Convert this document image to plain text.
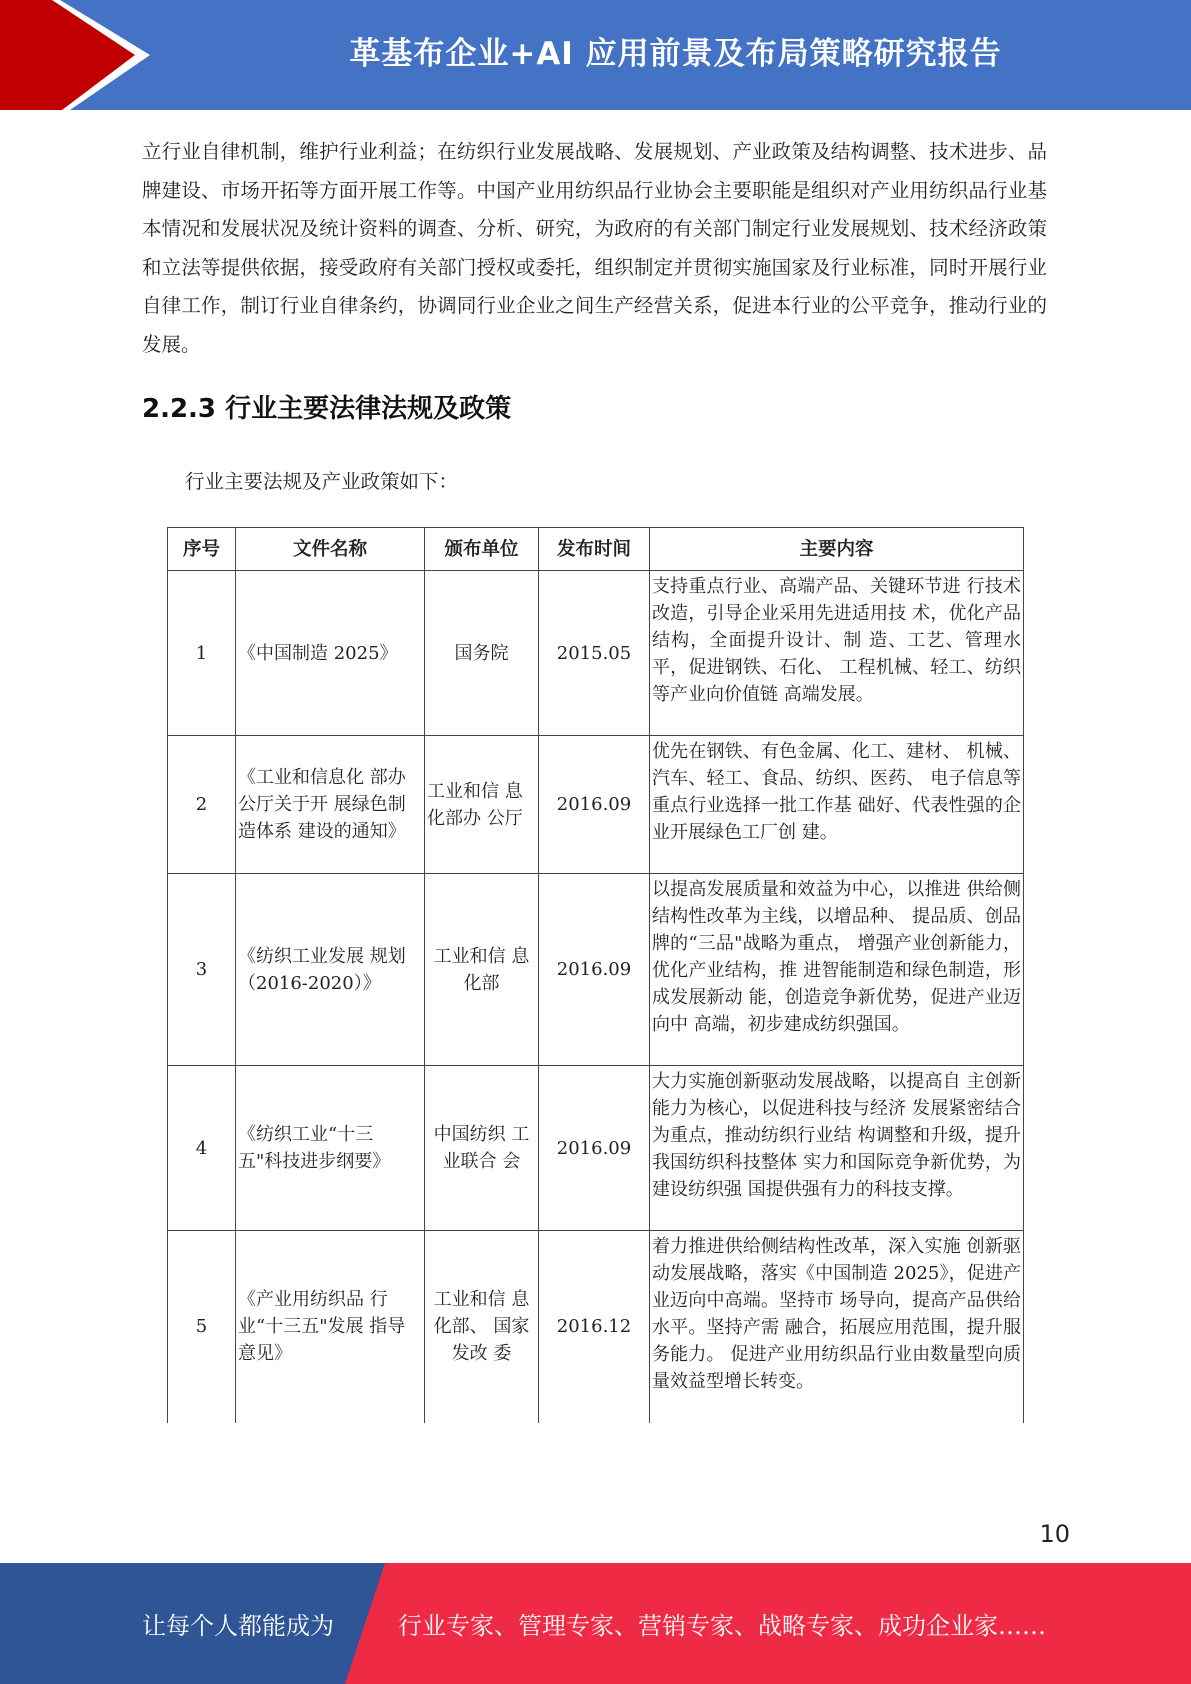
革基布企业+AI 应用前景及布局策略研究报告
立行业自律机制，维护行业利益；在纺织行业发展战略、发展规划、产业政策及结构调整、技术进步、品牌建设、市场开拓等方面开展工作等。中国产业用纺织品行业协会主要职能是组织对产业用纺织品行业基本情况和发展状况及统计资料的调查、分析、研究，为政府的有关部门制定行业发展规划、技术经济政策和立法等提供依据，接受政府有关部门授权或委托，组织制定并贯彻实施国家及行业标准，同时开展行业自律工作，制订行业自律条约，协调同行业企业之间生产经营关系，促进本行业的公平竞争，推动行业的发展。
2.2.3 行业主要法律法规及政策
行业主要法规及产业政策如下：
序号	文件名称	颁布单位	发布时间	主要内容
1	《中国制造 2025》	国务院	2015.05	支持重点行业、高端产品、关键环节进 行技术改造，引导企业采用先进适用技 术，优化产品结构，全面提升设计、制 造、工艺、管理水平，促进钢铁、石化、 工程机械、轻工、纺织等产业向价值链 高端发展。
2	《工业和信息化 部办公厅关于开 展绿色制造体系 建设的通知》	工业和信 息化部办 公厅	2016.09	优先在钢铁、有色金属、化工、建材、 机械、汽车、轻工、食品、纺织、医药、 电子信息等重点行业选择一批工作基 础好、代表性强的企业开展绿色工厂创 建。
3	《纺织工业发展 规划（2016-2020）》	工业和信 息化部	2016.09	以提高发展质量和效益为中心，以推进 供给侧结构性改革为主线，以增品种、 提品质、创品牌的“三品"战略为重点， 增强产业创新能力，优化产业结构，推 进智能制造和绿色制造，形成发展新动 能，创造竞争新优势，促进产业迈向中 高端，初步建成纺织强国。
4	《纺织工业“十三 五"科技进步纲要》	中国纺织 工业联合 会	2016.09	大力实施创新驱动发展战略，以提高自 主创新能力为核心，以促进科技与经济 发展紧密结合为重点，推动纺织行业结 构调整和升级，提升我国纺织科技整体 实力和国际竞争新优势，为建设纺织强 国提供强有力的科技支撑。
5	《产业用纺织品 行业“十三五"发展 指导意见》	工业和信 息化部、 国家发改 委	2016.12	着力推进供给侧结构性改革，深入实施 创新驱动发展战略，落实《中国制造 2025》，促进产业迈向中高端。坚持市 场导向，提高产品供给水平。坚持产需 融合，拓展应用范围，提升服务能力。 促进产业用纺织品行业由数量型向质 量效益型增长转变。
10
让每个人都能成为	行业专家、管理专家、营销专家、战略专家、成功企业家……
